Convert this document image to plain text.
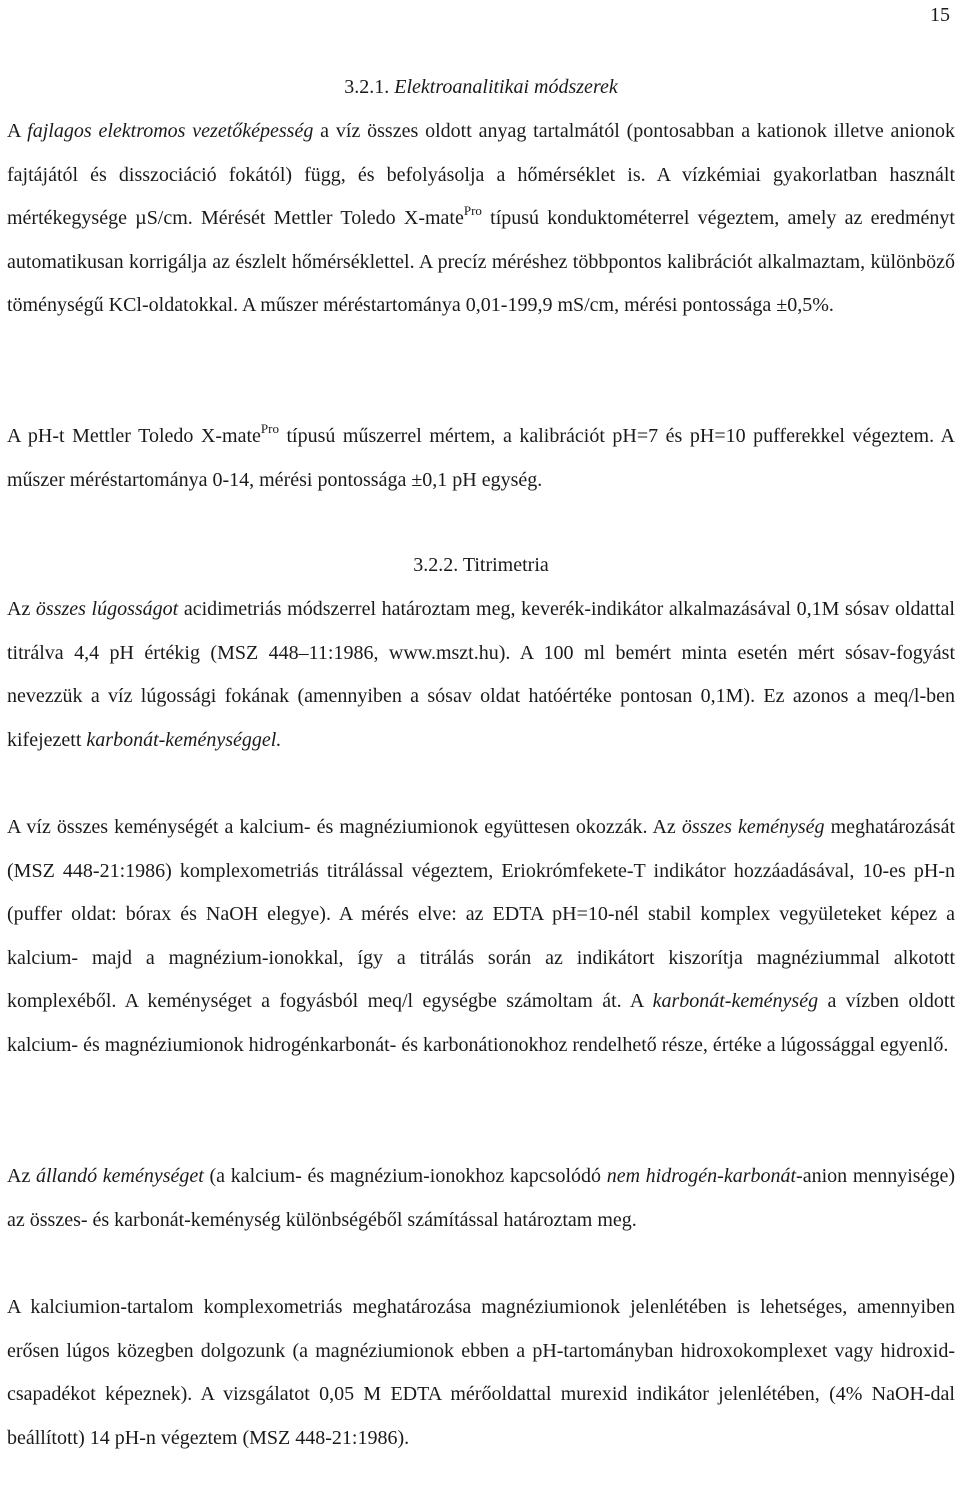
15
3.2.1. Elektroanalitikai módszerek
A fajlagos elektromos vezetőképesség a víz összes oldott anyag tartalmától (pontosabban a kationok illetve anionok fajtájától és disszociáció fokától) függ, és befolyásolja a hőmérséklet is. A vízkémiai gyakorlatban használt mértékegysége µS/cm. Mérését Mettler Toledo X-mate$^{Pro}$ típusú konduktométerrel végeztem, amely az eredményt automatikusan korrigálja az észlelt hőmérséklettel. A precíz méréshez többpontos kalibrációt alkalmaztam, különböző töménységű KCl-oldatokkal. A műszer méréstartománya 0,01-199,9 mS/cm, mérési pontossága ±0,5%.
A pH-t Mettler Toledo X-mate$^{Pro}$ típusú műszerrel mértem, a kalibrációt pH=7 és pH=10 pufferekkel végeztem. A műszer méréstartománya 0-14, mérési pontossága ±0,1 pH egység.
3.2.2. Titrimetria
Az összes lúgosságot acidimetriás módszerrel határoztam meg, keverék-indikátor alkalmazásával 0,1M sósav oldattal titrálva 4,4 pH értékig (MSZ 448–11:1986, www.mszt.hu). A 100 ml bemért minta esetén mért sósav-fogyást nevezzük a víz lúgossági fokának (amennyiben a sósav oldat hatóértéke pontosan 0,1M). Ez azonos a meq/l-ben kifejezett karbonát-keménységgel.
A víz összes keménységét a kalcium- és magnéziumionok együttesen okozzák. Az összes keménység meghatározását (MSZ 448-21:1986) komplexometriás titrálással végeztem, Eriokrómfekete-T indikátor hozzáadásával, 10-es pH-n (puffer oldat: bórax és NaOH elegye). A mérés elve: az EDTA pH=10-nél stabil komplex vegyületeket képez a kalcium- majd a magnézium-ionokkal, így a titrálás során az indikátort kiszorítja magnéziummal alkotott komplexéből. A keménységet a fogyásból meq/l egységbe számoltam át. A karbonát-keménység a vízben oldott kalcium- és magnéziumionok hidrogénkarbonát- és karbonátionokhoz rendelhető része, értéke a lúgossággal egyenlő.
Az állandó keménységet (a kalcium- és magnézium-ionokhoz kapcsolódó nem hidrogén-karbonát-anion mennyisége) az összes- és karbonát-keménység különbségéből számítással határoztam meg.
A kalciumion-tartalom komplexometriás meghatározása magnéziumionok jelenlétében is lehetséges, amennyiben erősen lúgos közegben dolgozunk (a magnéziumionok ebben a pH-tartományban hidroxokomplexet vagy hidroxid-csapadékot képeznek). A vizsgálatot 0,05 M EDTA mérőoldattal murexid indikátor jelenlétében, (4% NaOH-dal beállított) 14 pH-n végeztem (MSZ 448-21:1986).
